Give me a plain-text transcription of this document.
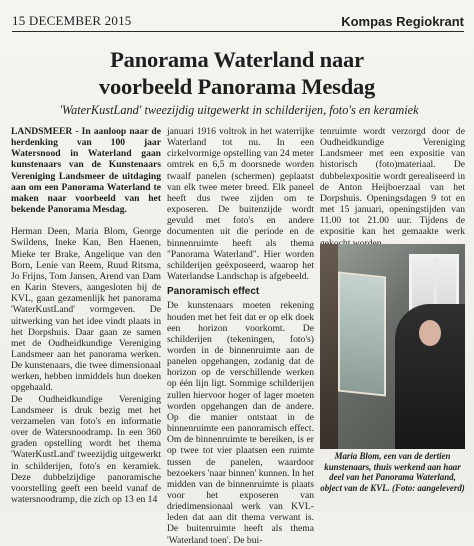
15 DECEMBER 2015	Kompas Regiokrant
Panorama Waterland naar
voorbeeld Panorama Mesdag
'WaterKustLand' tweezijdig uitgewerkt in schilderijen, foto's en keramiek

LANDSMEER - In aanloop naar de herdenking van 100 jaar Watersnood in Waterland gaan kunstenaars van de Kunstenaars Vereniging Landsmeer de uitdaging aan om een Panorama Waterland te maken naar voorbeeld van het bekende Panorama Mesdag.

Herman Deen, Maria Blom, George Swildens, Ineke Kan, Ben Haenen, Mieke ter Brake, Angelique van den Born, Lenie van Reem, Ruud Ritsma, Jo Frijns, Tom Jansen, Arend van Dam en Karin Stevers, aangesloten bij de KVL, gaan gezamenlijk het panorama 'WaterKustLand' vormgeven. De uitwerking van het idee vindt plaats in het Dorpshuis. Daar gaan ze samen met de Oudheidkundige Vereniging Landsmeer aan het panorama werken. De kunstenaars, die twee dimensionaal werken, hebben inmiddels hun doeken opgehaald.

De Oudheidkundige Vereniging Landsmeer is druk bezig met het verzamelen van foto's en informatie over de Watersnoodramp. In een 360 graden opstelling wordt het thema 'WaterKustLand' tweezijdig uitgewerkt in schilderijen, foto's en keramiek. Deze dubbelzijdige panoramische voorstelling geeft een beeld vanaf de watersnoodramp, die zich op 13 en 14

januari 1916 voltrok in het waterrijke Waterland tot nu. In een cirkelvormige opstelling van 24 meter omtrek en 6,5 m doorsnede worden twaalf panelen (schermen) geplaatst van elk twee meter breed. Elk paneel heeft dus twee zijden om te exposeren. De buitenzijde wordt gevuld met foto's en andere documenten uit die periode en de binnenruimte heeft als thema "Panorama Waterland". Hier worden schilderijen geëxposeerd, waarop het Waterlandse Landschap is afgebeeld.

Panoramisch effect

De kunstenaars moeten rekening houden met het feit dat er op elk doek een horizon voorkomt. De schilderijen (tekeningen, foto's) worden in de binnenruimte aan de panelen opgehangen, zodanig dat de horizon op de verschillende werken op één lijn ligt. Sommige schilderijen zullen hiervoor hoger of lager moeten worden opgehangen dan de andere. Op die manier ontstaat in de binnenruimte een panoramisch effect. Om de binnenruimte te bereiken, is er op twee tot vier plaatsen een ruimte tussen de panelen, waardoor bezoekers 'naar binnen' kunnen. In het midden van de binnenruimte is plaats voor het exposeren van driedimensionaal werk van KVL-leden dat aan dit thema verwant is. De buitenruimte heeft als thema 'Waterland toen'. De bui-

tenruimte wordt verzorgd door de Oudheidkundige Vereniging Landsmeer met een expositie van historisch (foto)materiaal. De dubbelexpositie wordt gerealiseerd in de Anton Heijboerzaal van het Dorpshuis. Openingsdagen 9 tot en met 15 januari, openingstijden van 11.00 tot 21.00 uur. Tijdens de expositie kan het gemaakte werk

Maria Blom, een van de dertien kunstenaars, thuis werkend aan haar deel van het Panorama Waterland, object van de KVL. (Foto: aangeleverd)
